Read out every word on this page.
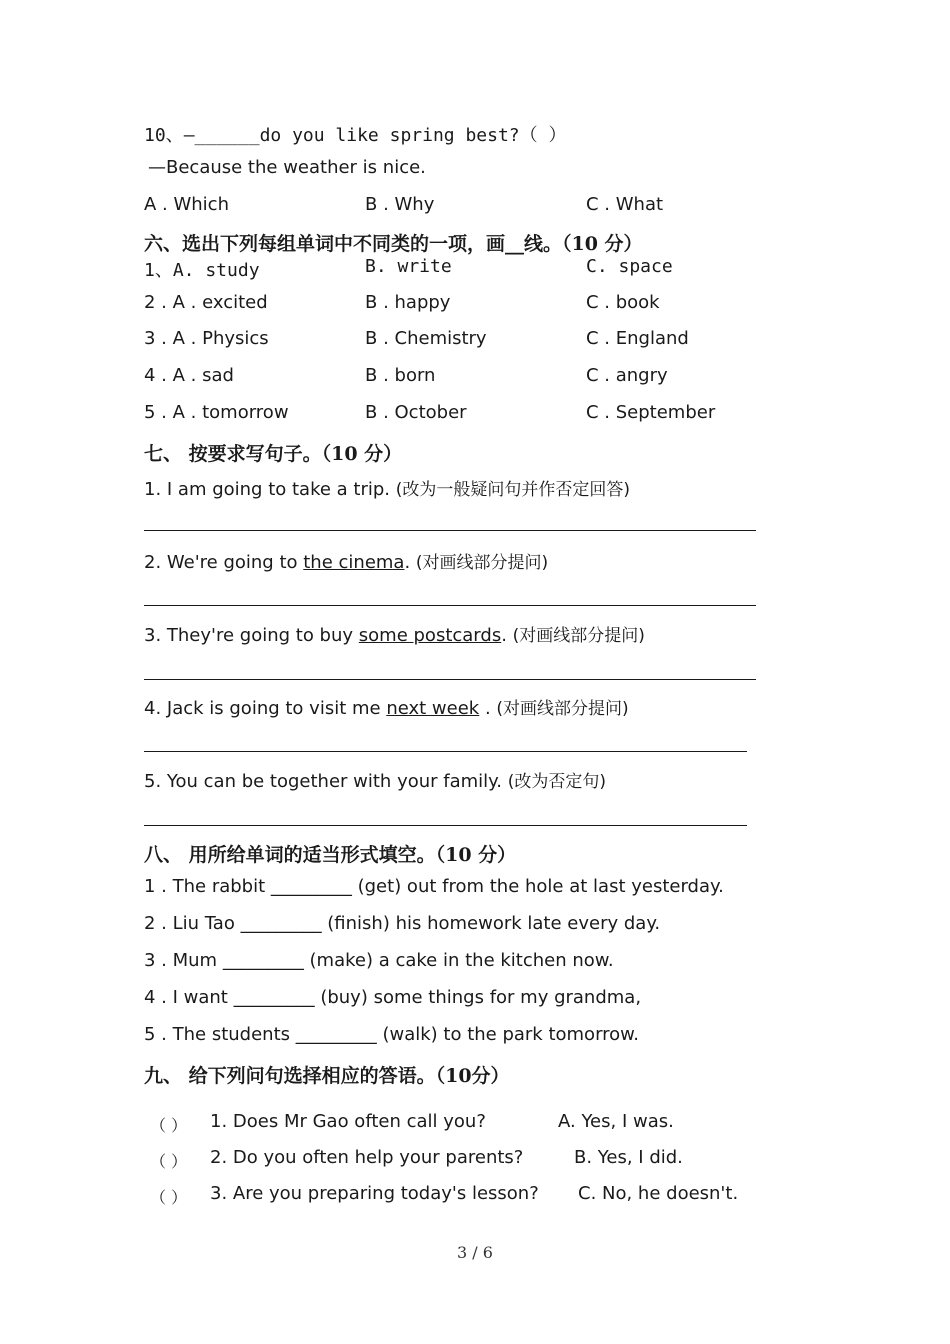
10、—______do you like spring best?（ ）
—Because the weather is nice.
A . Which	B . Why	C . What
六、选出下列每组单词中不同类的一项，画__线。（10 分）
1、A. study	B. write	C. space
2 . A . excited	B . happy	C . book
3 . A . Physics	B . Chemistry	C . England
4 . A . sad	B . born	C . angry
5 . A . tomorrow	B . October	C . September
七、 按要求写句子。（10 分）
1. I am going to take a trip. (改为一般疑问句并作否定回答)
2. We're going to the cinema. (对画线部分提问)
3. They're going to buy some postcards. (对画线部分提问)
4. Jack is going to visit me next week . (对画线部分提问)
5. You can be together with your family. (改为否定句)
八、 用所给单词的适当形式填空。（10 分）
1 . The rabbit _________ (get) out from the hole at last yesterday.
2 . Liu Tao _________ (finish) his homework late every day.
3 . Mum _________ (make) a cake in the kitchen now.
4 . I want _________ (buy) some things for my grandma,
5 . The students _________ (walk) to the park tomorrow.
九、 给下列问句选择相应的答语。（10分）
（ ） 1. Does Mr Gao often call you?	A. Yes, I was.
（ ） 2. Do you often help your parents?	B. Yes, I did.
（ ） 3. Are you preparing today's lesson? C. No, he doesn't.
3 / 6
